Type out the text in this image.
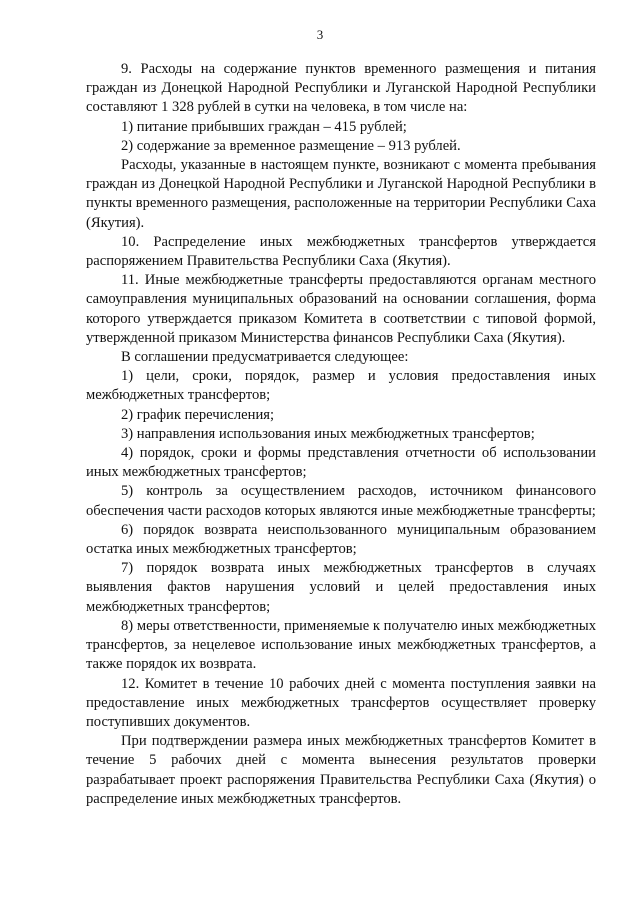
3

9. Расходы на содержание пунктов временного размещения и питания граждан из Донецкой Народной Республики и Луганской Народной Республики составляют 1 328 рублей в сутки на человека, в том числе на:

1) питание прибывших граждан – 415 рублей;

2) содержание за временное размещение – 913 рублей.

Расходы, указанные в настоящем пункте, возникают с момента пребывания граждан из Донецкой Народной Республики и Луганской Народной Республики в пункты временного размещения, расположенные на территории Республики Саха (Якутия).

10. Распределение иных межбюджетных трансфертов утверждается распоряжением Правительства Республики Саха (Якутия).

11. Иные межбюджетные трансферты предоставляются органам местного самоуправления муниципальных образований на основании соглашения, форма которого утверждается приказом Комитета в соответствии с типовой формой, утвержденной приказом Министерства финансов Республики Саха (Якутия).

В соглашении предусматривается следующее:

1) цели, сроки, порядок, размер и условия предоставления иных межбюджетных трансфертов;

2) график перечисления;

3) направления использования иных межбюджетных трансфертов;

4) порядок, сроки и формы представления отчетности об использовании иных межбюджетных трансфертов;

5) контроль за осуществлением расходов, источником финансового обеспечения части расходов которых являются иные межбюджетные трансферты;

6) порядок возврата неиспользованного муниципальным образованием остатка иных межбюджетных трансфертов;

7) порядок возврата иных межбюджетных трансфертов в случаях выявления фактов нарушения условий и целей предоставления иных межбюджетных трансфертов;

8) меры ответственности, применяемые к получателю иных межбюджетных трансфертов, за нецелевое использование иных межбюджетных трансфертов, а также порядок их возврата.

12. Комитет в течение 10 рабочих дней с момента поступления заявки на предоставление иных межбюджетных трансфертов осуществляет проверку поступивших документов.

При подтверждении размера иных межбюджетных трансфертов Комитет в течение 5 рабочих дней с момента вынесения результатов проверки разрабатывает проект распоряжения Правительства Республики Саха (Якутия) о распределение иных межбюджетных трансфертов.
